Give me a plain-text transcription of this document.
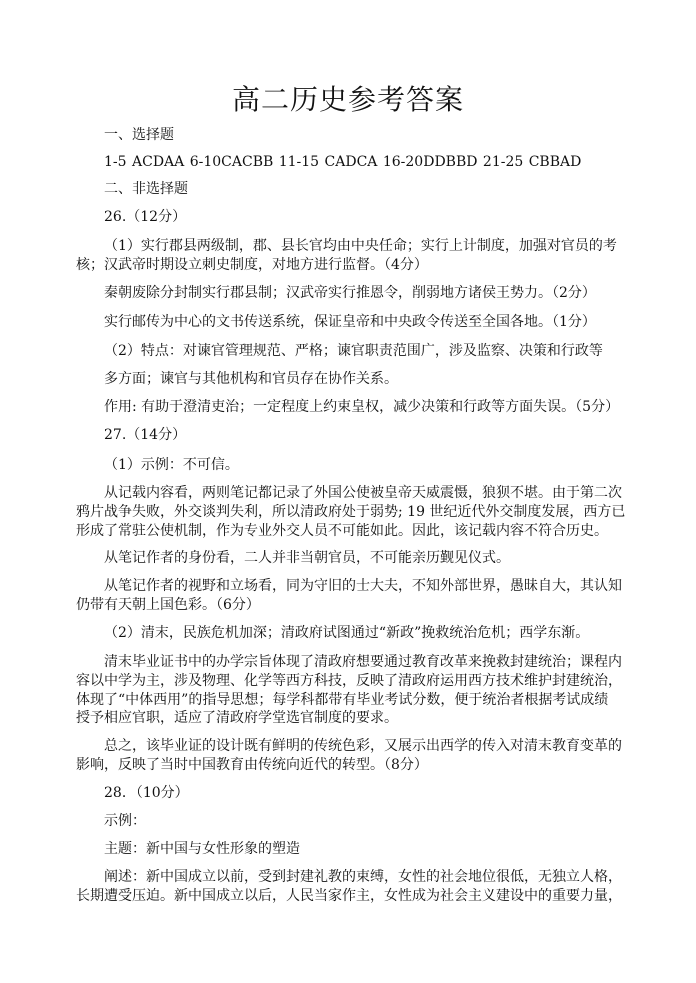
高二历史参考答案
一、选择题
1-5 ACDAA 6-10CACBB 11-15 CADCA 16-20DDBBD 21-25 CBBAD
二、非选择题
26.（12分）
（1）实行郡县两级制，郡、县长官均由中央任命；实行上计制度，加强对官员的考
核；汉武帝时期设立刺史制度，对地方进行监督。（4分）
秦朝废除分封制实行郡县制；汉武帝实行推恩令，削弱地方诸侯王势力。（2分）
实行邮传为中心的文书传送系统，保证皇帝和中央政令传送至全国各地。（1分）
（2）特点：对谏官管理规范、严格；谏官职责范围广，涉及监察、决策和行政等
多方面；谏官与其他机构和官员存在协作关系。
作用: 有助于澄清吏治；一定程度上约束皇权，减少决策和行政等方面失误。（5分）
27.（14分）
（1）示例：不可信。
从记载内容看，两则笔记都记录了外国公使被皇帝天威震慑，狼狈不堪。由于第二次
鸦片战争失败，外交谈判失利，所以清政府处于弱势; 19 世纪近代外交制度发展，西方已
形成了常驻公使机制，作为专业外交人员不可能如此。因此，该记载内容不符合历史。
从笔记作者的身份看，二人并非当朝官员，不可能亲历觐见仪式。
从笔记作者的视野和立场看，同为守旧的士大夫，不知外部世界，愚昧自大，其认知
仍带有天朝上国色彩。（6分）
（2）清末，民族危机加深；清政府试图通过“新政”挽救统治危机；西学东渐。
清末毕业证书中的办学宗旨体现了清政府想要通过教育改革来挽救封建统治；课程内
容以中学为主，涉及物理、化学等西方科技，反映了清政府运用西方技术维护封建统治，
体现了“中体西用”的指导思想；每学科都带有毕业考试分数，便于统治者根据考试成绩
授予相应官职，适应了清政府学堂选官制度的要求。
总之，该毕业证的设计既有鲜明的传统色彩，又展示出西学的传入对清末教育变革的
影响，反映了当时中国教育由传统向近代的转型。（8分）
28．（10分）
示例：
主题：新中国与女性形象的塑造
阐述：新中国成立以前，受到封建礼教的束缚，女性的社会地位很低，无独立人格，
长期遭受压迫。新中国成立以后，人民当家作主，女性成为社会主义建设中的重要力量，
